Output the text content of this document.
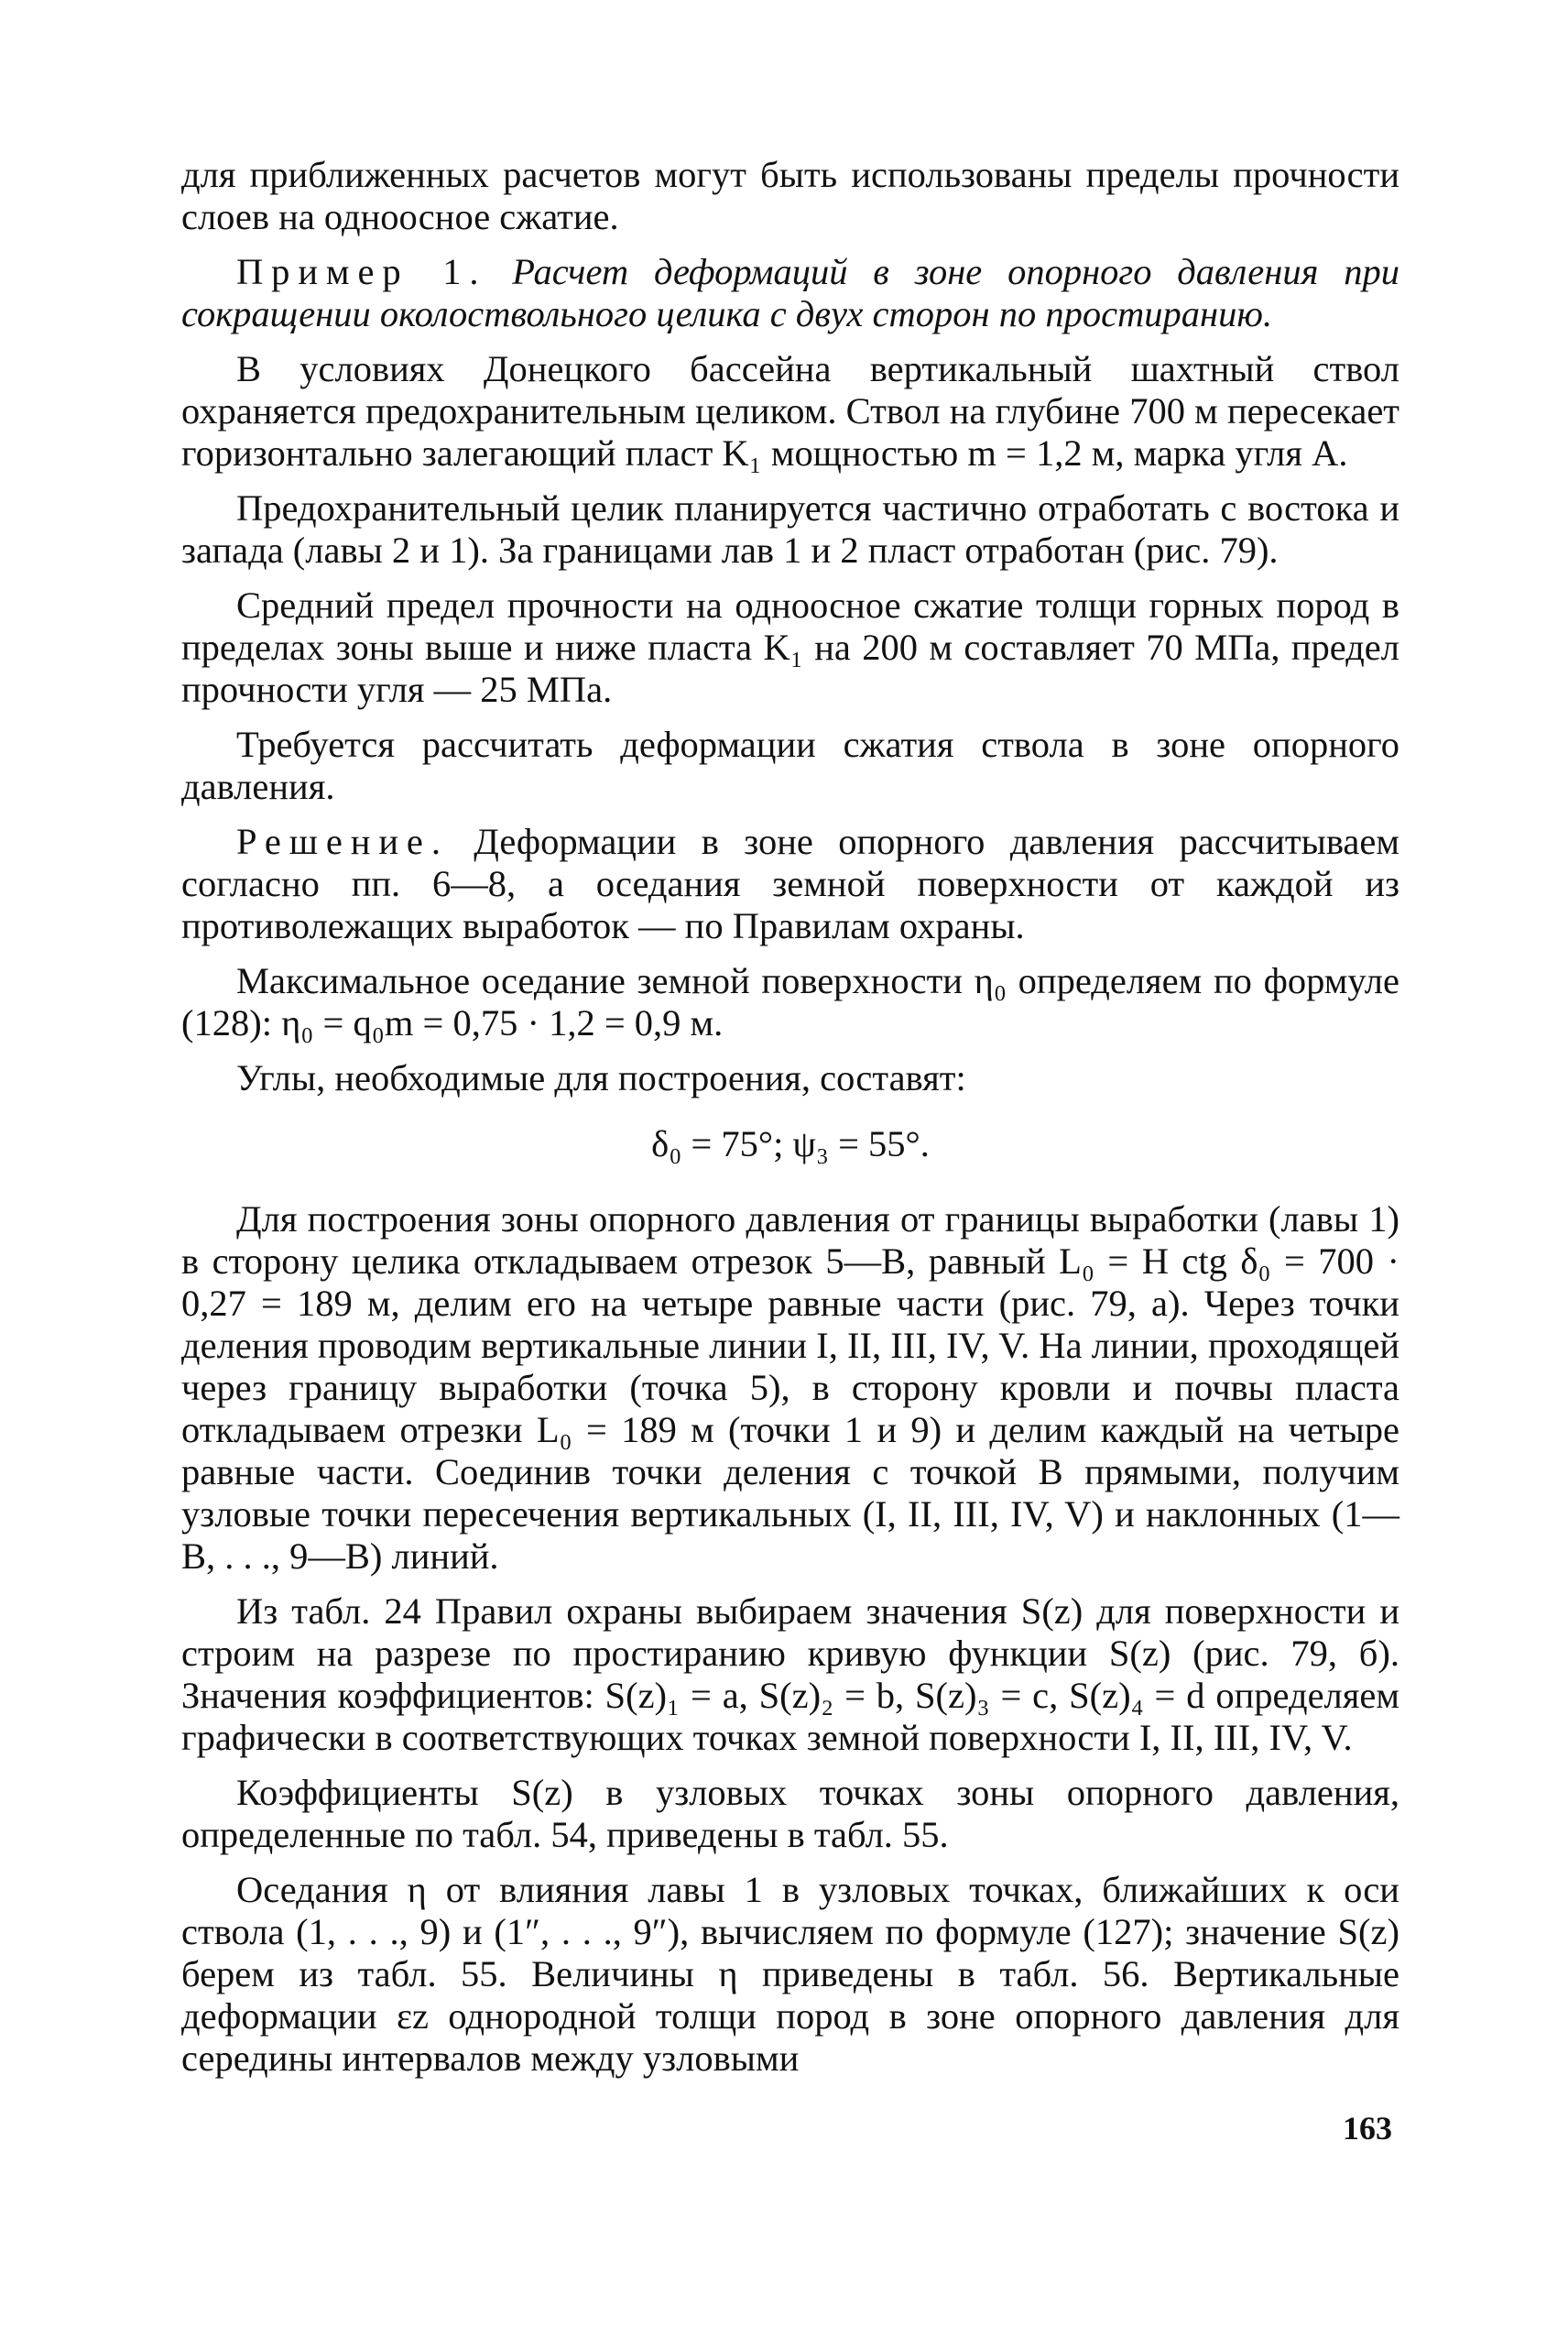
для приближенных расчетов могут быть использованы пределы прочности слоев на одноосное сжатие.

Пример 1. Расчет деформаций в зоне опорного давления при сокращении околоствольного целика с двух сторон по простиранию.

В условиях Донецкого бассейна вертикальный шахтный ствол охраняется предохранительным целиком. Ствол на глубине 700 м пересекает горизонтально залегающий пласт K₁ мощностью m = 1,2 м, марка угля А.

Предохранительный целик планируется частично отработать с востока и запада (лавы 2 и 1). За границами лав 1 и 2 пласт отработан (рис. 79).

Средний предел прочности на одноосное сжатие толщи горных пород в пределах зоны выше и ниже пласта K₁ на 200 м составляет 70 МПа, предел прочности угля — 25 МПа.

Требуется рассчитать деформации сжатия ствола в зоне опорного давления.

Решение. Деформации в зоне опорного давления рассчитываем согласно пп. 6—8, а оседания земной поверхности от каждой из противолежащих выработок — по Правилам охраны.

Максимальное оседание земной поверхности η₀ определяем по формуле (128): η₀ = q₀m = 0,75 · 1,2 = 0,9 м.

Углы, необходимые для построения, составят:

δ₀ = 75°; ψ₃ = 55°.

Для построения зоны опорного давления от границы выработки (лавы 1) в сторону целика откладываем отрезок 5—В, равный L₀ = H ctg δ₀ = 700 · 0,27 = 189 м, делим его на четыре равные части (рис. 79, а). Через точки деления проводим вертикальные линии I, II, III, IV, V. На линии, проходящей через границу выработки (точка 5), в сторону кровли и почвы пласта откладываем отрезки L₀ = 189 м (точки 1 и 9) и делим каждый на четыре равные части. Соединив точки деления с точкой В прямыми, получим узловые точки пересечения вертикальных (I, II, III, IV, V) и наклонных (1—В, . . ., 9—В) линий.

Из табл. 24 Правил охраны выбираем значения S(z) для поверхности и строим на разрезе по простиранию кривую функции S(z) (рис. 79, б). Значения коэффициентов: S(z)₁ = a, S(z)₂ = b, S(z)₃ = c, S(z)₄ = d определяем графически в соответствующих точках земной поверхности I, II, III, IV, V.

Коэффициенты S(z) в узловых точках зоны опорного давления, определенные по табл. 54, приведены в табл. 55.

Оседания η от влияния лавы 1 в узловых точках, ближайших к оси ствола (1, . . ., 9) и (1″, . . ., 9″), вычисляем по формуле (127); значение S(z) берем из табл. 55. Величины η приведены в табл. 56. Вертикальные деформации εz однородной толщи пород в зоне опорного давления для середины интервалов между узловыми

163
